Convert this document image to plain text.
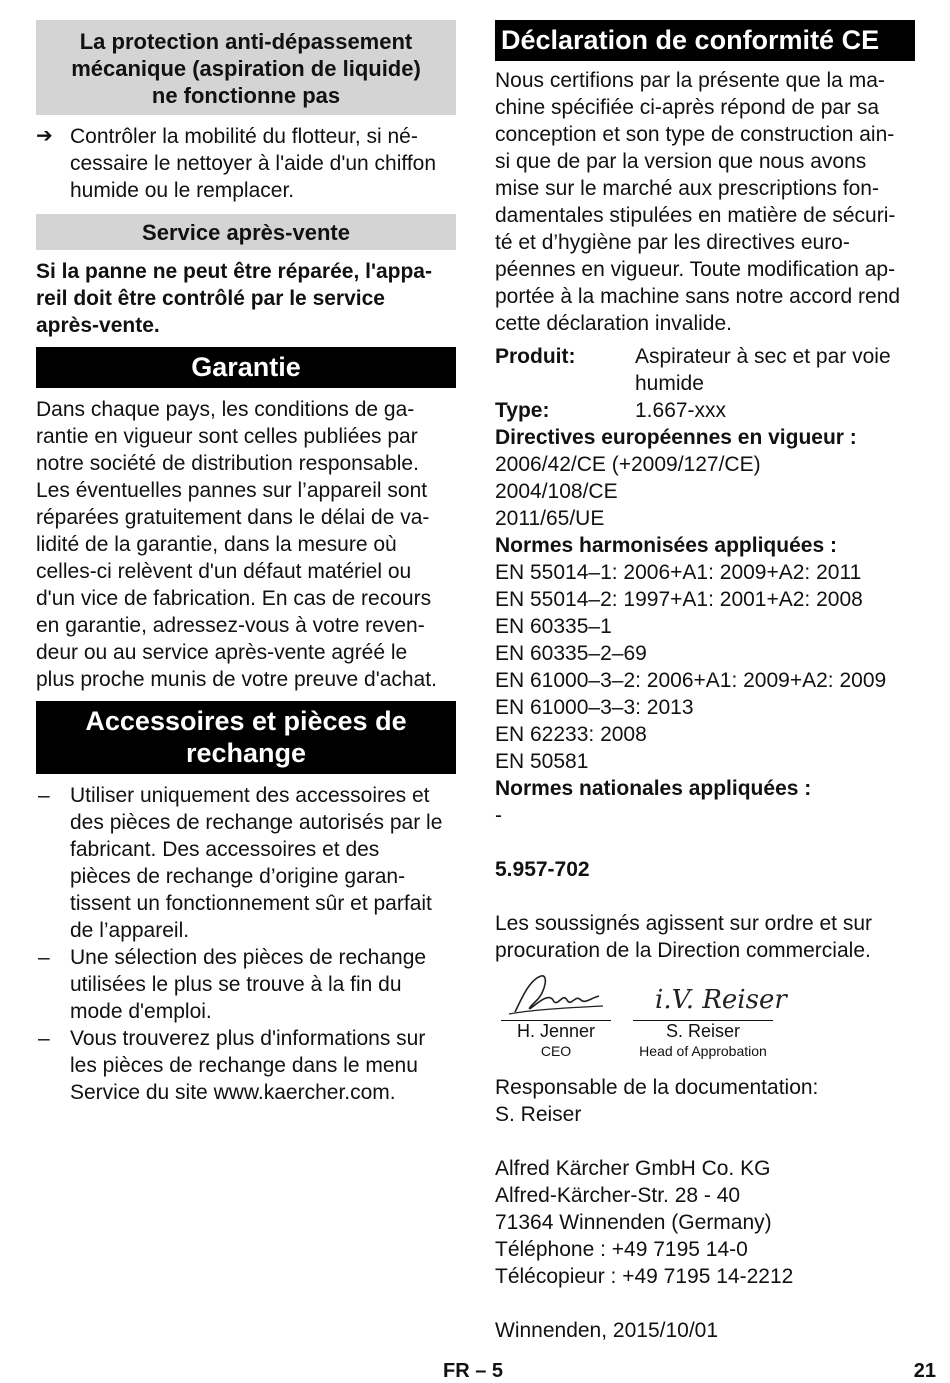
La protection anti-dépassement
mécanique (aspiration de liquide)
ne fonctionne pas
➔ Contrôler la mobilité du flotteur, si né-
cessaire le nettoyer à l'aide d'un chiffon
humide ou le remplacer.
Service après-vente
Si la panne ne peut être réparée, l'appa-
reil doit être contrôlé par le service
après-vente.
Garantie
Dans chaque pays, les conditions de ga-
rantie en vigueur sont celles publiées par
notre société de distribution responsable.
Les éventuelles pannes sur l’appareil sont
réparées gratuitement dans le délai de va-
lidité de la garantie, dans la mesure où
celles-ci relèvent d'un défaut matériel ou
d'un vice de fabrication. En cas de recours
en garantie, adressez-vous à votre reven-
deur ou au service après-vente agréé le
plus proche munis de votre preuve d'achat.
Accessoires et pièces de
rechange
– Utiliser uniquement des accessoires et
des pièces de rechange autorisés par le
fabricant. Des accessoires et des
pièces de rechange d’origine garan-
tissent un fonctionnement sûr et parfait
de l’appareil.
– Une sélection des pièces de rechange
utilisées le plus se trouve à la fin du
mode d'emploi.
– Vous trouverez plus d'informations sur
les pièces de rechange dans le menu
Service du site www.kaercher.com.
Déclaration de conformité CE
Nous certifions par la présente que la ma-
chine spécifiée ci-après répond de par sa
conception et son type de construction ain-
si que de par la version que nous avons
mise sur le marché aux prescriptions fon-
damentales stipulées en matière de sécuri-
té et d’hygiène par les directives euro-
péennes en vigueur. Toute modification ap-
portée à la machine sans notre accord rend
cette déclaration invalide.
Produit:	Aspirateur à sec et par voie
humide
Type:	1.667-xxx
Directives européennes en vigueur :
2006/42/CE (+2009/127/CE)
2004/108/CE
2011/65/UE
Normes harmonisées appliquées :
EN 55014–1: 2006+A1: 2009+A2: 2011
EN 55014–2: 1997+A1: 2001+A2: 2008
EN 60335–1
EN 60335–2–69
EN 61000–3–2: 2006+A1: 2009+A2: 2009
EN 61000–3–3: 2013
EN 62233: 2008
EN 50581
Normes nationales appliquées :
-
5.957-702
Les soussignés agissent sur ordre et sur
procuration de la Direction commerciale.
H. Jenner
CEO
i.V. Reiser
S. Reiser
Head of Approbation
Responsable de la documentation:
S. Reiser
Alfred Kärcher GmbH Co. KG
Alfred-Kärcher-Str. 28 - 40
71364 Winnenden (Germany)
Téléphone : +49 7195 14-0
Télécopieur : +49 7195 14-2212
Winnenden, 2015/10/01
FR – 5	21
